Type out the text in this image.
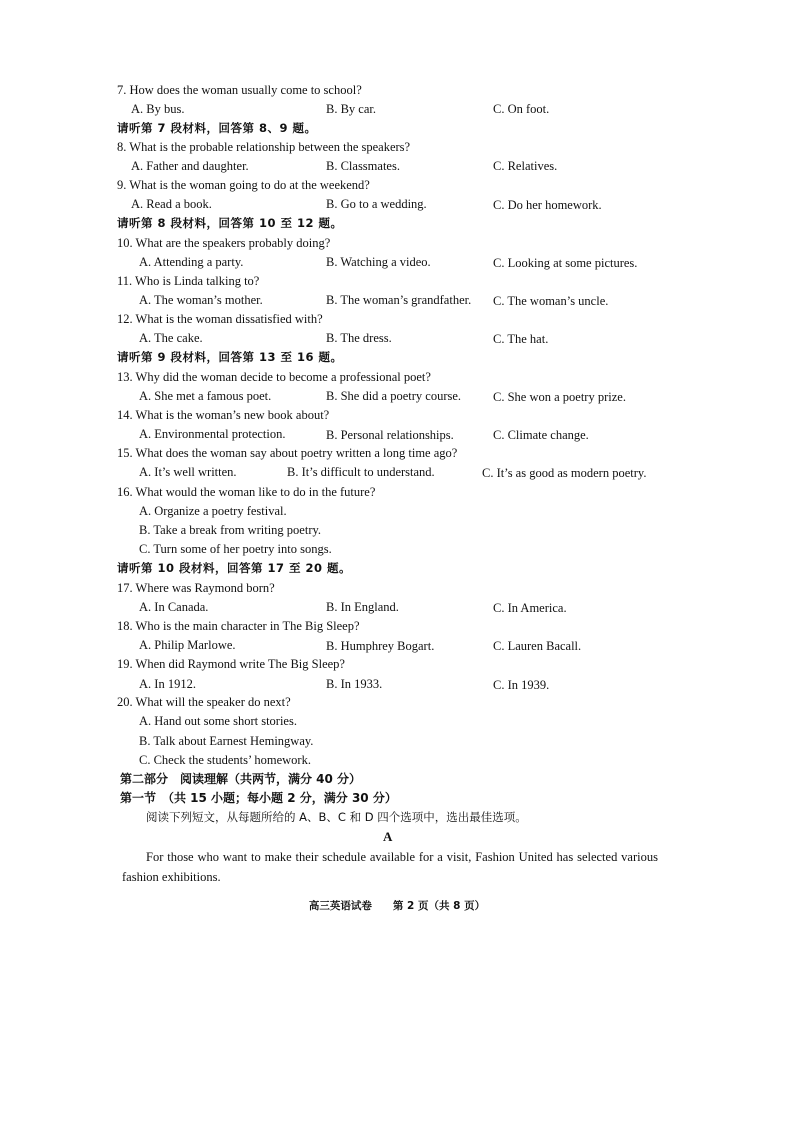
7. How does the woman usually come to school?
A. By bus.	B. By car.	C. On foot.
请听第 7 段材料，回答第 8、9 题。
8. What is the probable relationship between the speakers?
A. Father and daughter.	B. Classmates.	C. Relatives.
9. What is the woman going to do at the weekend?
A. Read a book.	B. Go to a wedding.	C. Do her homework.
请听第 8 段材料，回答第 10 至 12 题。
10. What are the speakers probably doing?
A. Attending a party.	B. Watching a video.	C. Looking at some pictures.
11. Who is Linda talking to?
A. The woman’s mother.	B. The woman’s grandfather. C. The woman’s uncle.
12. What is the woman dissatisfied with?
A. The cake.	B. The dress.	C. The hat.
请听第 9 段材料，回答第 13 至 16 题。
13. Why did the woman decide to become a professional poet?
A. She met a famous poet.	B. She did a poetry course.	C. She won a poetry prize.
14. What is the woman’s new book about?
A. Environmental protection.	B. Personal relationships.	C. Climate change.
15. What does the woman say about poetry written a long time ago?
A. It’s well written.	B. It’s difficult to understand.	C. It’s as good as modern poetry.
16. What would the woman like to do in the future?
A. Organize a poetry festival.
B. Take a break from writing poetry.
C. Turn some of her poetry into songs.
请听第 10 段材料，回答第 17 至 20 题。
17. Where was Raymond born?
A. In Canada.	B. In England.	C. In America.
18. Who is the main character in The Big Sleep?
A. Philip Marlowe.	B. Humphrey Bogart.	C. Lauren Bacall.
19. When did Raymond write The Big Sleep?
A. In 1912.	B. In 1933.	C. In 1939.
20. What will the speaker do next?
A. Hand out some short stories.
B. Talk about Earnest Hemingway.
C. Check the students’ homework.
第二部分　阅读理解（共两节，满分 40 分）
第一节　（共 15 小题；每小题 2 分，满分 30 分）
阅读下列短文，从每题所给的 A、B、C 和 D 四个选项中，选出最佳选项。
A
For those who want to make their schedule available for a visit, Fashion United has selected various fashion exhibitions.
高三英语试卷　　第 2 页（共 8 页）
